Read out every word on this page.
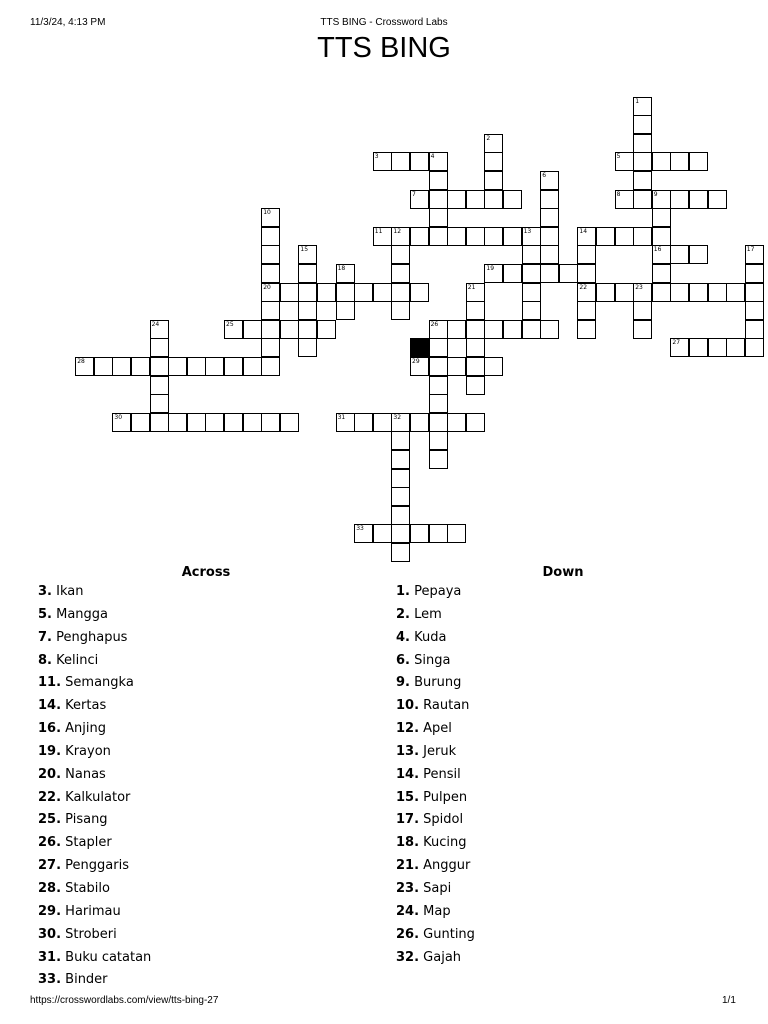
11/3/24, 4:13 PM	TTS BING - Crossword Labs
TTS BING
1
2
3	4	5
6
7	8	9
16
10
20
11 12	13	14
22
15	17
18	19
21	23
24	25	26
27
28	29
30	31	32
33
Across	Down
3. Ikan
5. Mangga
7. Penghapus
8. Kelinci
11. Semangka
14. Kertas
16. Anjing
19. Krayon
20. Nanas
22. Kalkulator
25. Pisang
26. Stapler
27. Penggaris
28. Stabilo
29. Harimau
30. Stroberi
31. Buku catatan
33. Binder
1. Pepaya
2. Lem
4. Kuda
6. Singa
9. Burung
10. Rautan
12. Apel
13. Jeruk
14. Pensil
15. Pulpen
17. Spidol
18. Kucing
21. Anggur
23. Sapi
24. Map
26. Gunting
32. Gajah
https://crosswordlabs.com/view/tts-bing-27	1/1
